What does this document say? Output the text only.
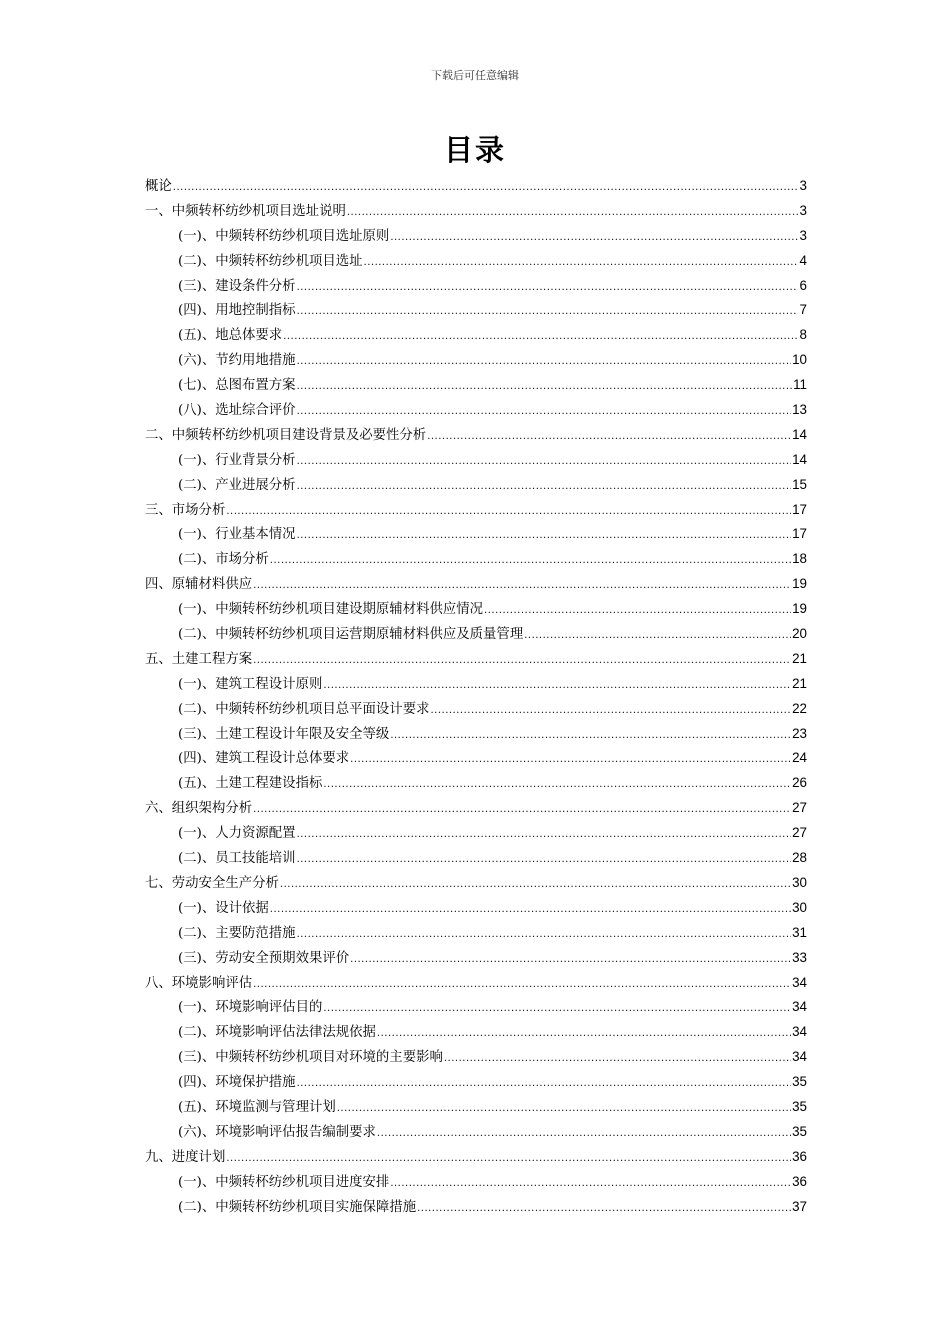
下载后可任意编辑
目录
概论 .....	3
一、中频转杯纺纱机项目选址说明 .....	3
(一)、中频转杯纺纱机项目选址原则 .....	3
(二)、中频转杯纺纱机项目选址 .....	4
(三)、建设条件分析 .....	6
(四)、用地控制指标 .....	7
(五)、地总体要求 .....	8
(六)、节约用地措施 .....	10
(七)、总图布置方案 .....	11
(八)、选址综合评价 .....	13
二、中频转杯纺纱机项目建设背景及必要性分析 .....	14
(一)、行业背景分析 .....	14
(二)、产业进展分析 .....	15
三、市场分析 .....	17
(一)、行业基本情况 .....	17
(二)、市场分析 .....	18
四、原辅材料供应 .....	19
(一)、中频转杯纺纱机项目建设期原辅材料供应情况 .....	19
(二)、中频转杯纺纱机项目运营期原辅材料供应及质量管理 .....	20
五、土建工程方案 .....	21
(一)、建筑工程设计原则 .....	21
(二)、中频转杯纺纱机项目总平面设计要求 .....	22
(三)、土建工程设计年限及安全等级 .....	23
(四)、建筑工程设计总体要求 .....	24
(五)、土建工程建设指标 .....	26
六、组织架构分析 .....	27
(一)、人力资源配置 .....	27
(二)、员工技能培训 .....	28
七、劳动安全生产分析 .....	30
(一)、设计依据 .....	30
(二)、主要防范措施 .....	31
(三)、劳动安全预期效果评价 .....	33
八、环境影响评估 .....	34
(一)、环境影响评估目的 .....	34
(二)、环境影响评估法律法规依据 .....	34
(三)、中频转杯纺纱机项目对环境的主要影响 .....	34
(四)、环境保护措施 .....	35
(五)、环境监测与管理计划 .....	35
(六)、环境影响评估报告编制要求 .....	35
九、进度计划 .....	36
(一)、中频转杯纺纱机项目进度安排 .....	36
(二)、中频转杯纺纱机项目实施保障措施 .....	37
